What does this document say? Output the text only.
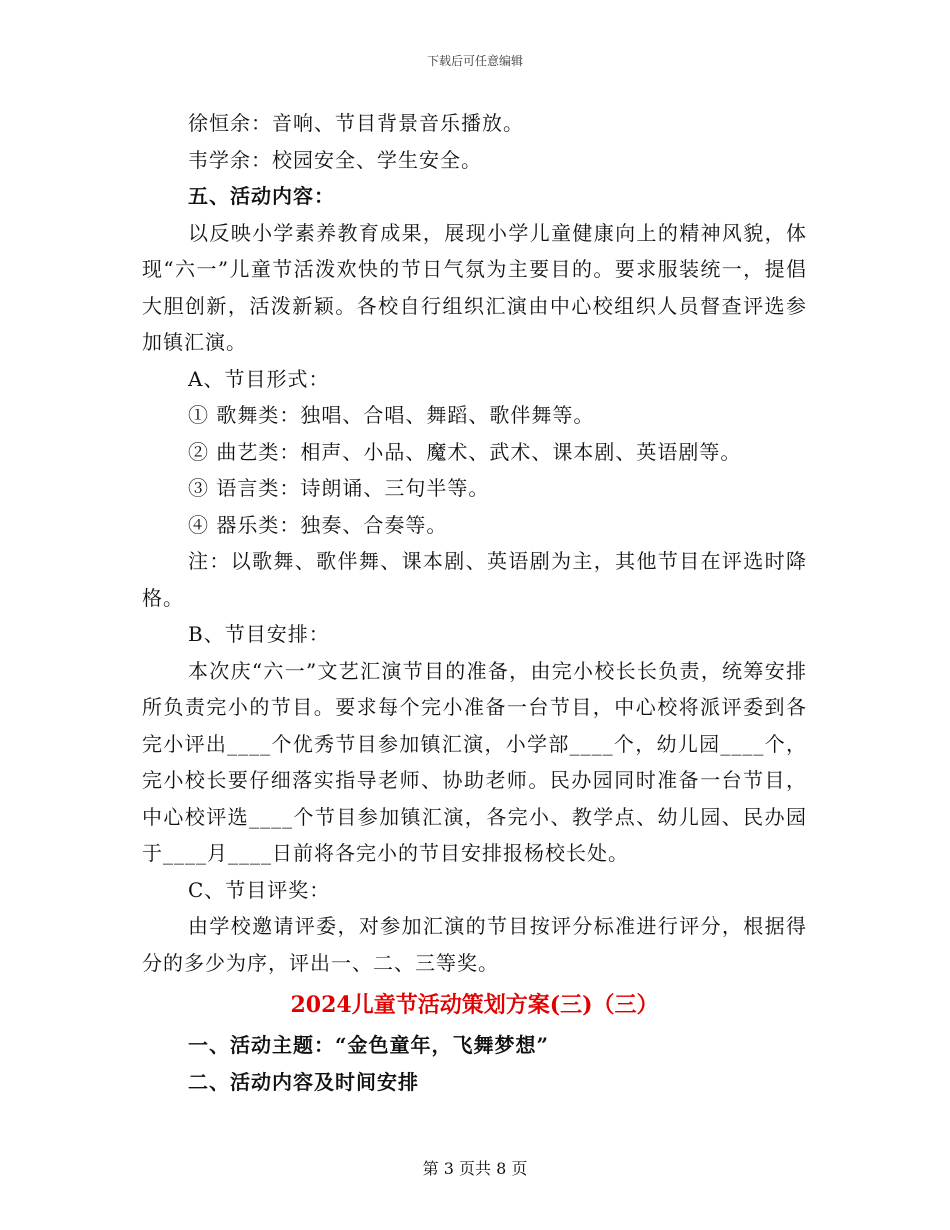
下载后可任意编辑

徐恒余：音响、节目背景音乐播放。

韦学余：校园安全、学生安全。

五、活动内容：

以反映小学素养教育成果，展现小学儿童健康向上的精神风貌，体现“六一”儿童节活泼欢快的节日气氛为主要目的。要求服装统一，提倡大胆创新，活泼新颖。各校自行组织汇演由中心校组织人员督查评选参加镇汇演。

A、节目形式：

① 歌舞类：独唱、合唱、舞蹈、歌伴舞等。

② 曲艺类：相声、小品、魔术、武术、课本剧、英语剧等。

③ 语言类：诗朗诵、三句半等。

④ 器乐类：独奏、合奏等。

注：以歌舞、歌伴舞、课本剧、英语剧为主，其他节目在评选时降格。

B、节目安排：

本次庆“六一”文艺汇演节目的准备，由完小校长长负责，统筹安排所负责完小的节目。要求每个完小准备一台节目，中心校将派评委到各完小评出____个优秀节目参加镇汇演，小学部____个，幼儿园____个，完小校长要仔细落实指导老师、协助老师。民办园同时准备一台节目，中心校评选____个节目参加镇汇演，各完小、教学点、幼儿园、民办园于____月____日前将各完小的节目安排报杨校长处。

C、节目评奖：

由学校邀请评委，对参加汇演的节目按评分标准进行评分，根据得分的多少为序，评出一、二、三等奖。

2024儿童节活动策划方案(三)（三）

一、活动主题：“金色童年，飞舞梦想”

二、活动内容及时间安排

第 3 页共 8 页
